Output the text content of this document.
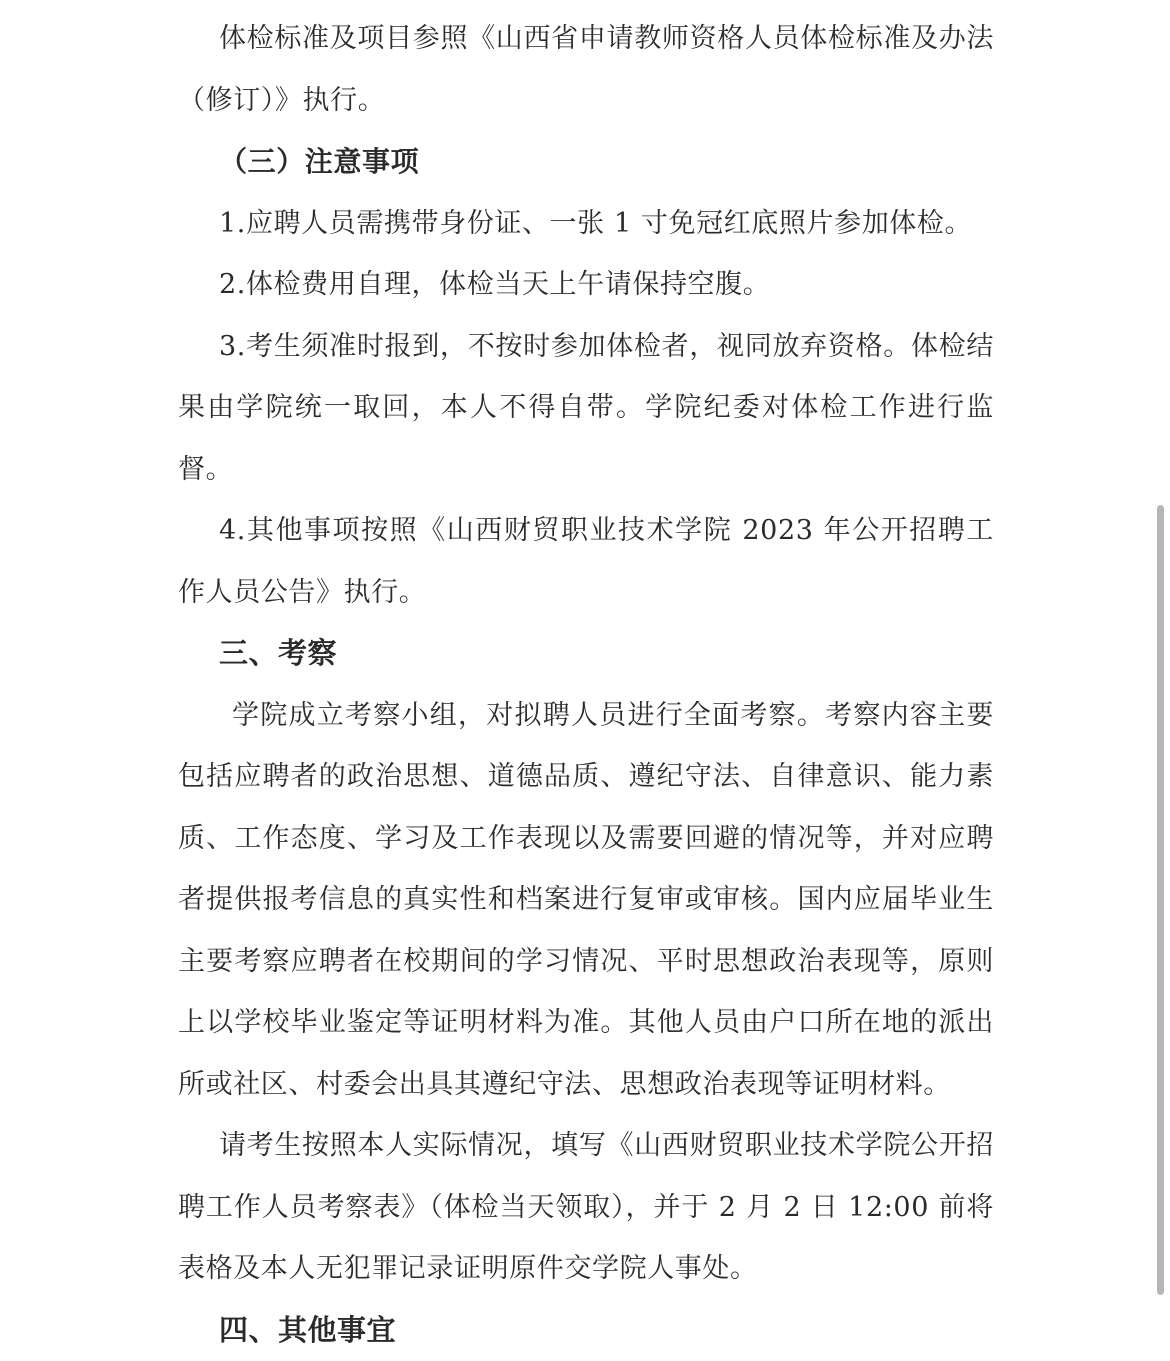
体检标准及项目参照《山西省申请教师资格人员体检标准及办法（修订）》执行。

（三）注意事项

1.应聘人员需携带身份证、一张 1 寸免冠红底照片参加体检。

2.体检费用自理，体检当天上午请保持空腹。

3.考生须准时报到，不按时参加体检者，视同放弃资格。体检结果由学院统一取回，本人不得自带。学院纪委对体检工作进行监督。

4.其他事项按照《山西财贸职业技术学院 2023 年公开招聘工作人员公告》执行。

三、考察

学院成立考察小组，对拟聘人员进行全面考察。考察内容主要包括应聘者的政治思想、道德品质、遵纪守法、自律意识、能力素质、工作态度、学习及工作表现以及需要回避的情况等，并对应聘者提供报考信息的真实性和档案进行复审或审核。国内应届毕业生主要考察应聘者在校期间的学习情况、平时思想政治表现等，原则上以学校毕业鉴定等证明材料为准。其他人员由户口所在地的派出所或社区、村委会出具其遵纪守法、思想政治表现等证明材料。

请考生按照本人实际情况，填写《山西财贸职业技术学院公开招聘工作人员考察表》（体检当天领取），并于 2 月 2 日 12:00 前将表格及本人无犯罪记录证明原件交学院人事处。

四、其他事宜
